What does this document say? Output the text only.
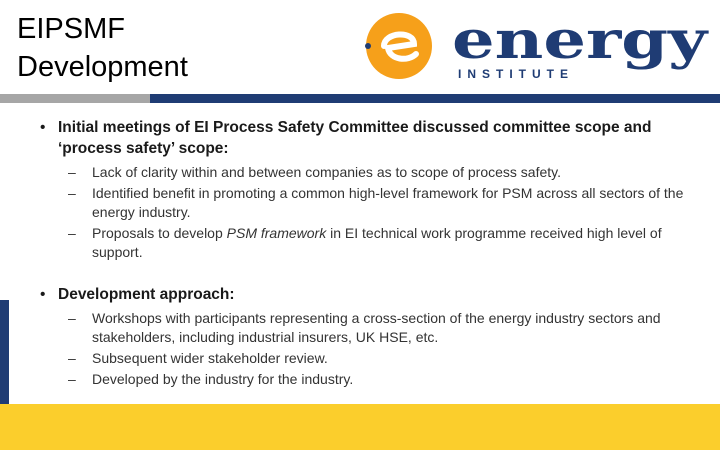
EIPSMF
Development	energy
INSTITUTE
• Initial meetings of EI Process Safety Committee discussed committee scope and ‘process safety’ scope:
– Lack of clarity within and between companies as to scope of process safety.
– Identified benefit in promoting a common high-level framework for PSM across all sectors of the energy industry.
– Proposals to develop PSM framework in EI technical work programme received high level of support.
• Development approach:
– Workshops with participants representing a cross-section of the energy industry sectors and stakeholders, including industrial insurers, UK HSE, etc.
– Subsequent wider stakeholder review.
– Developed by the industry for the industry.
